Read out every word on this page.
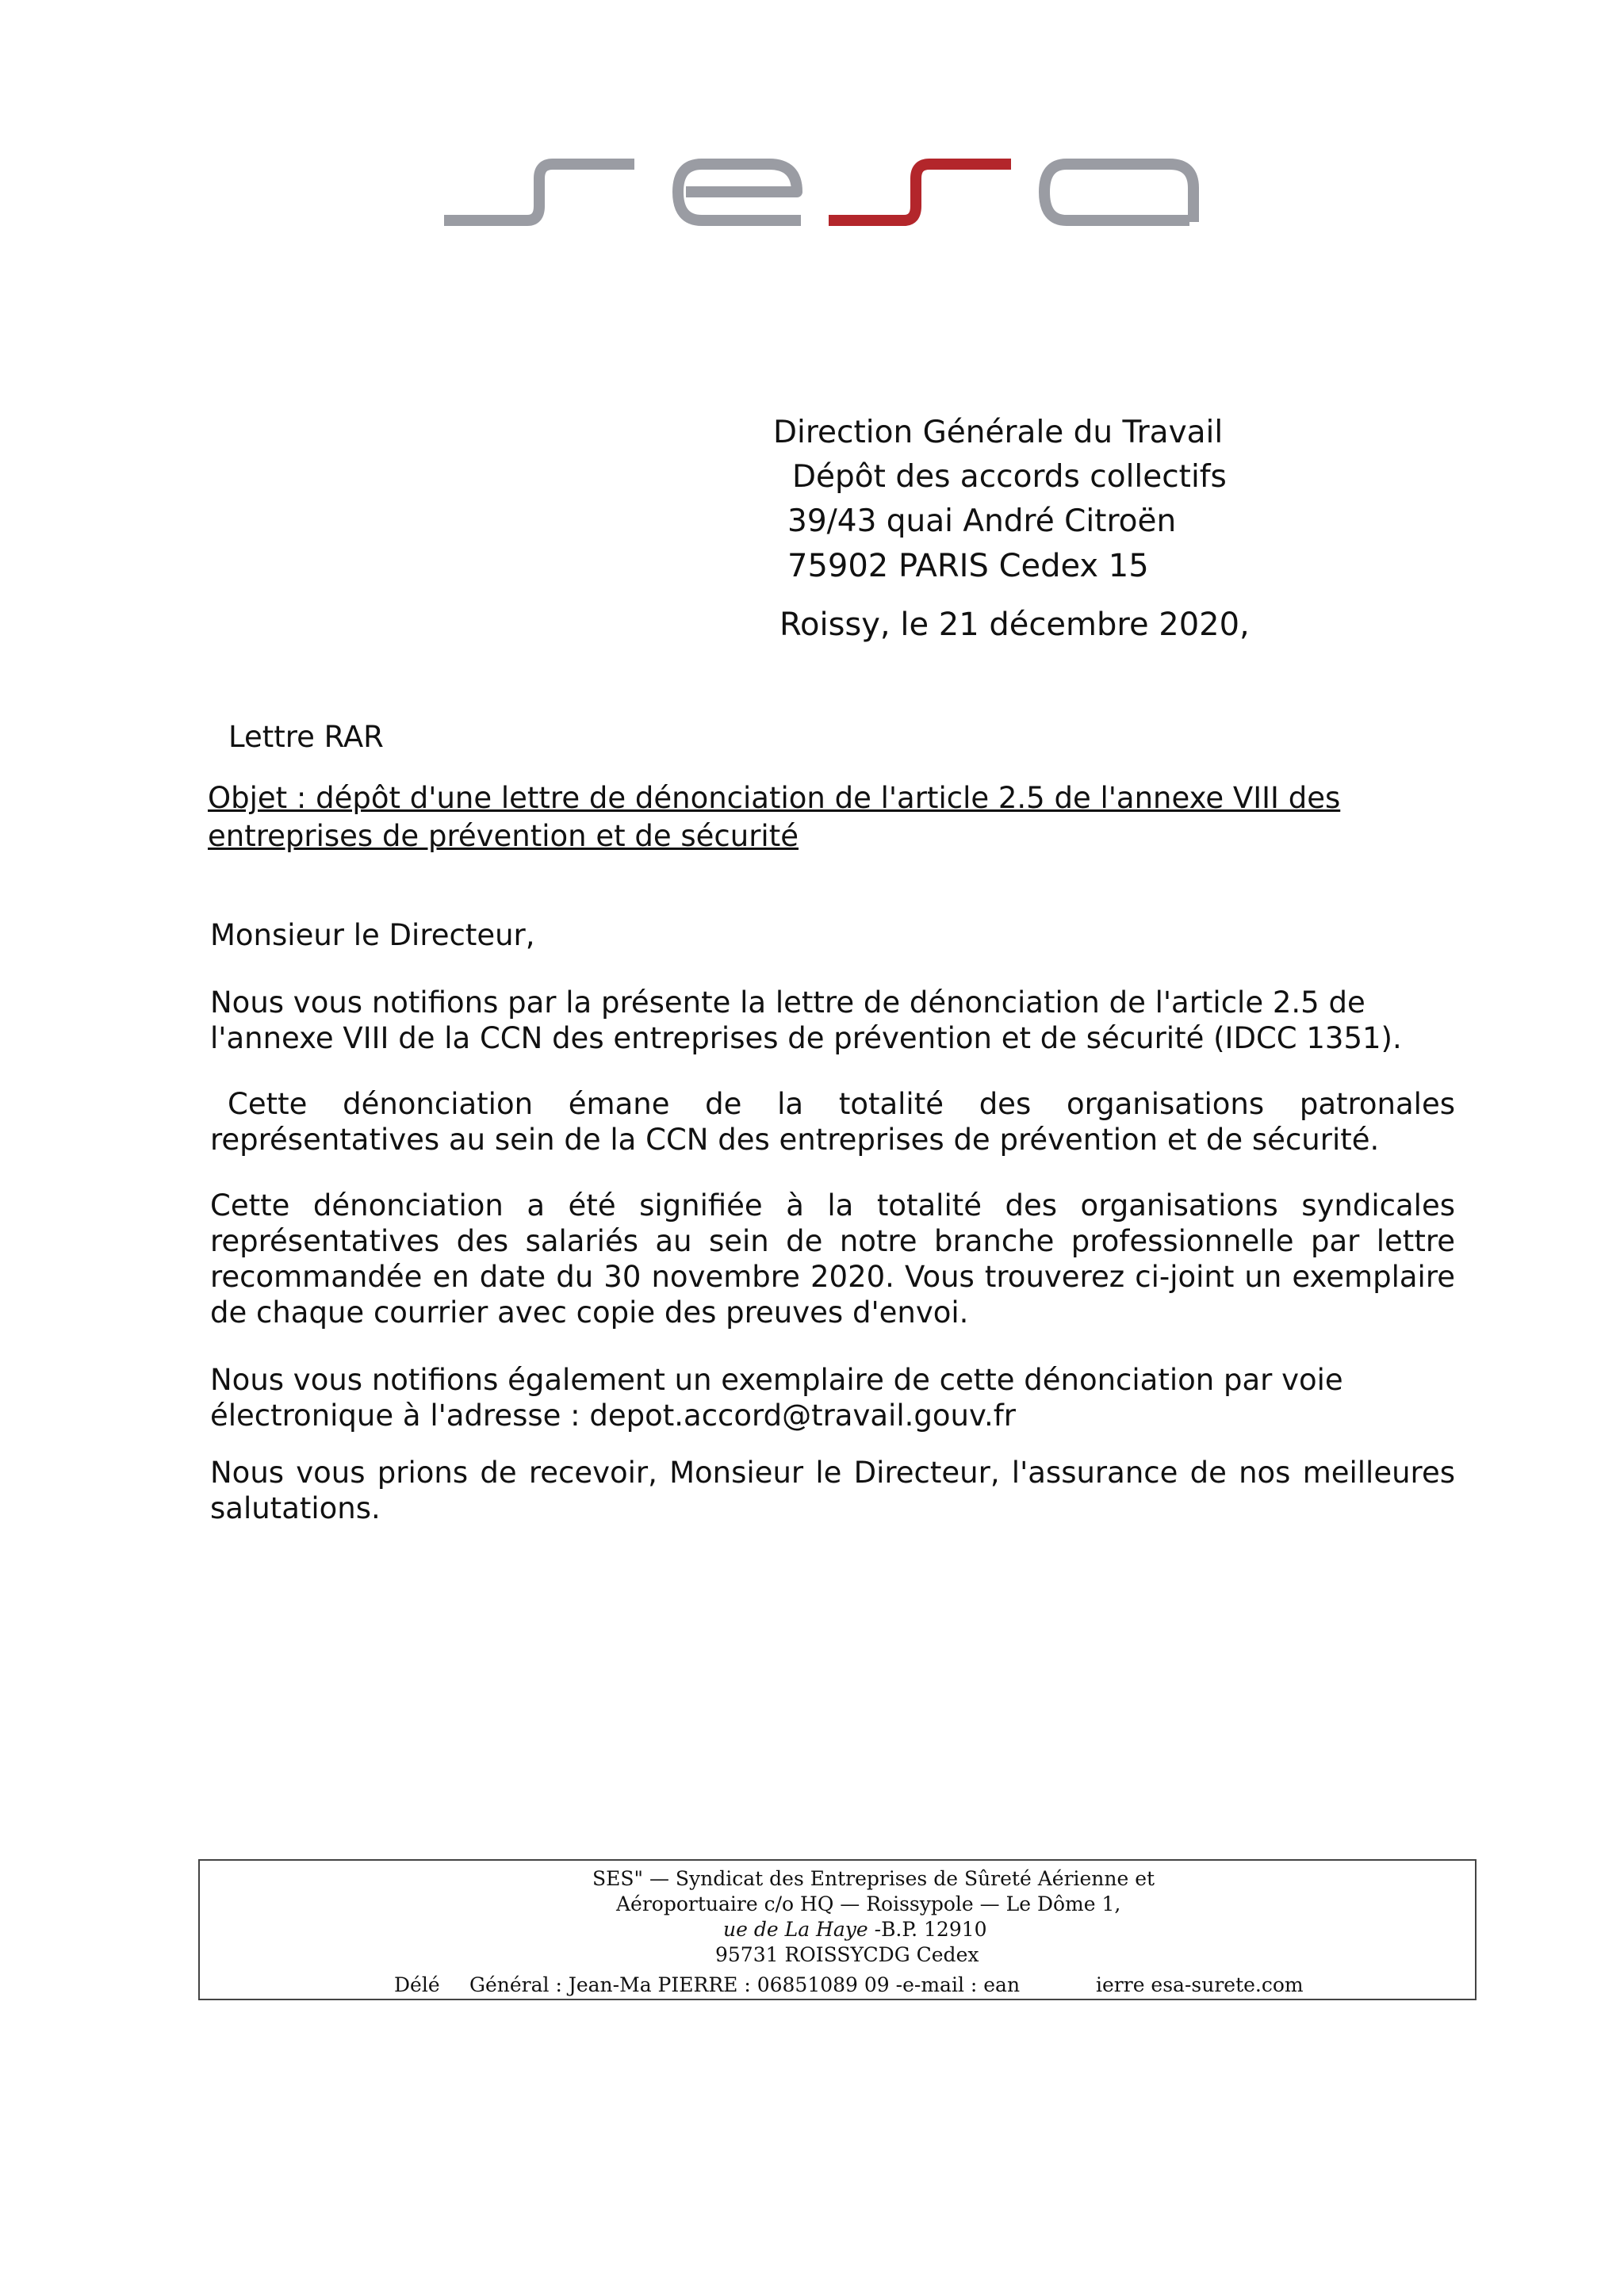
Direction Générale du Travail
Dépôt des accords collectifs
39/43 quai André Citroën
75902 PARIS Cedex 15
Roissy, le 21 décembre 2020,
Lettre RAR
Objet : dépôt d'une lettre de dénonciation de l'article 2.5 de l'annexe VIII des entreprises de prévention et de sécurité
Monsieur le Directeur,
Nous vous notifions par la présente la lettre de dénonciation de l'article 2.5 de l'annexe VIII de la CCN des entreprises de prévention et de sécurité (IDCC 1351).
Cette dénonciation émane de la totalité des organisations patronales représentatives au sein de la CCN des entreprises de prévention et de sécurité.
Cette dénonciation a été signifiée à la totalité des organisations syndicales représentatives des salariés au sein de notre branche professionnelle par lettre recommandée en date du 30 novembre 2020. Vous trouverez ci-joint un exemplaire de chaque courrier avec copie des preuves d'envoi.
Nous vous notifions également un exemplaire de cette dénonciation par voie électronique à l'adresse : depot.accord@travail.gouv.fr
Nous vous prions de recevoir, Monsieur le Directeur, l'assurance de nos meilleures salutations.
SES" — Syndicat des Entreprises de Sûreté Aérienne et
Aéroportuaire c/o HQ — Roissypole — Le Dôme 1,
ue de La Haye -B.P. 12910
95731 ROISSYCDG Cedex
Délé Général : Jean-Ma PIERRE : 06851089 09 -e-mail : ean	ierre esa-surete.com
